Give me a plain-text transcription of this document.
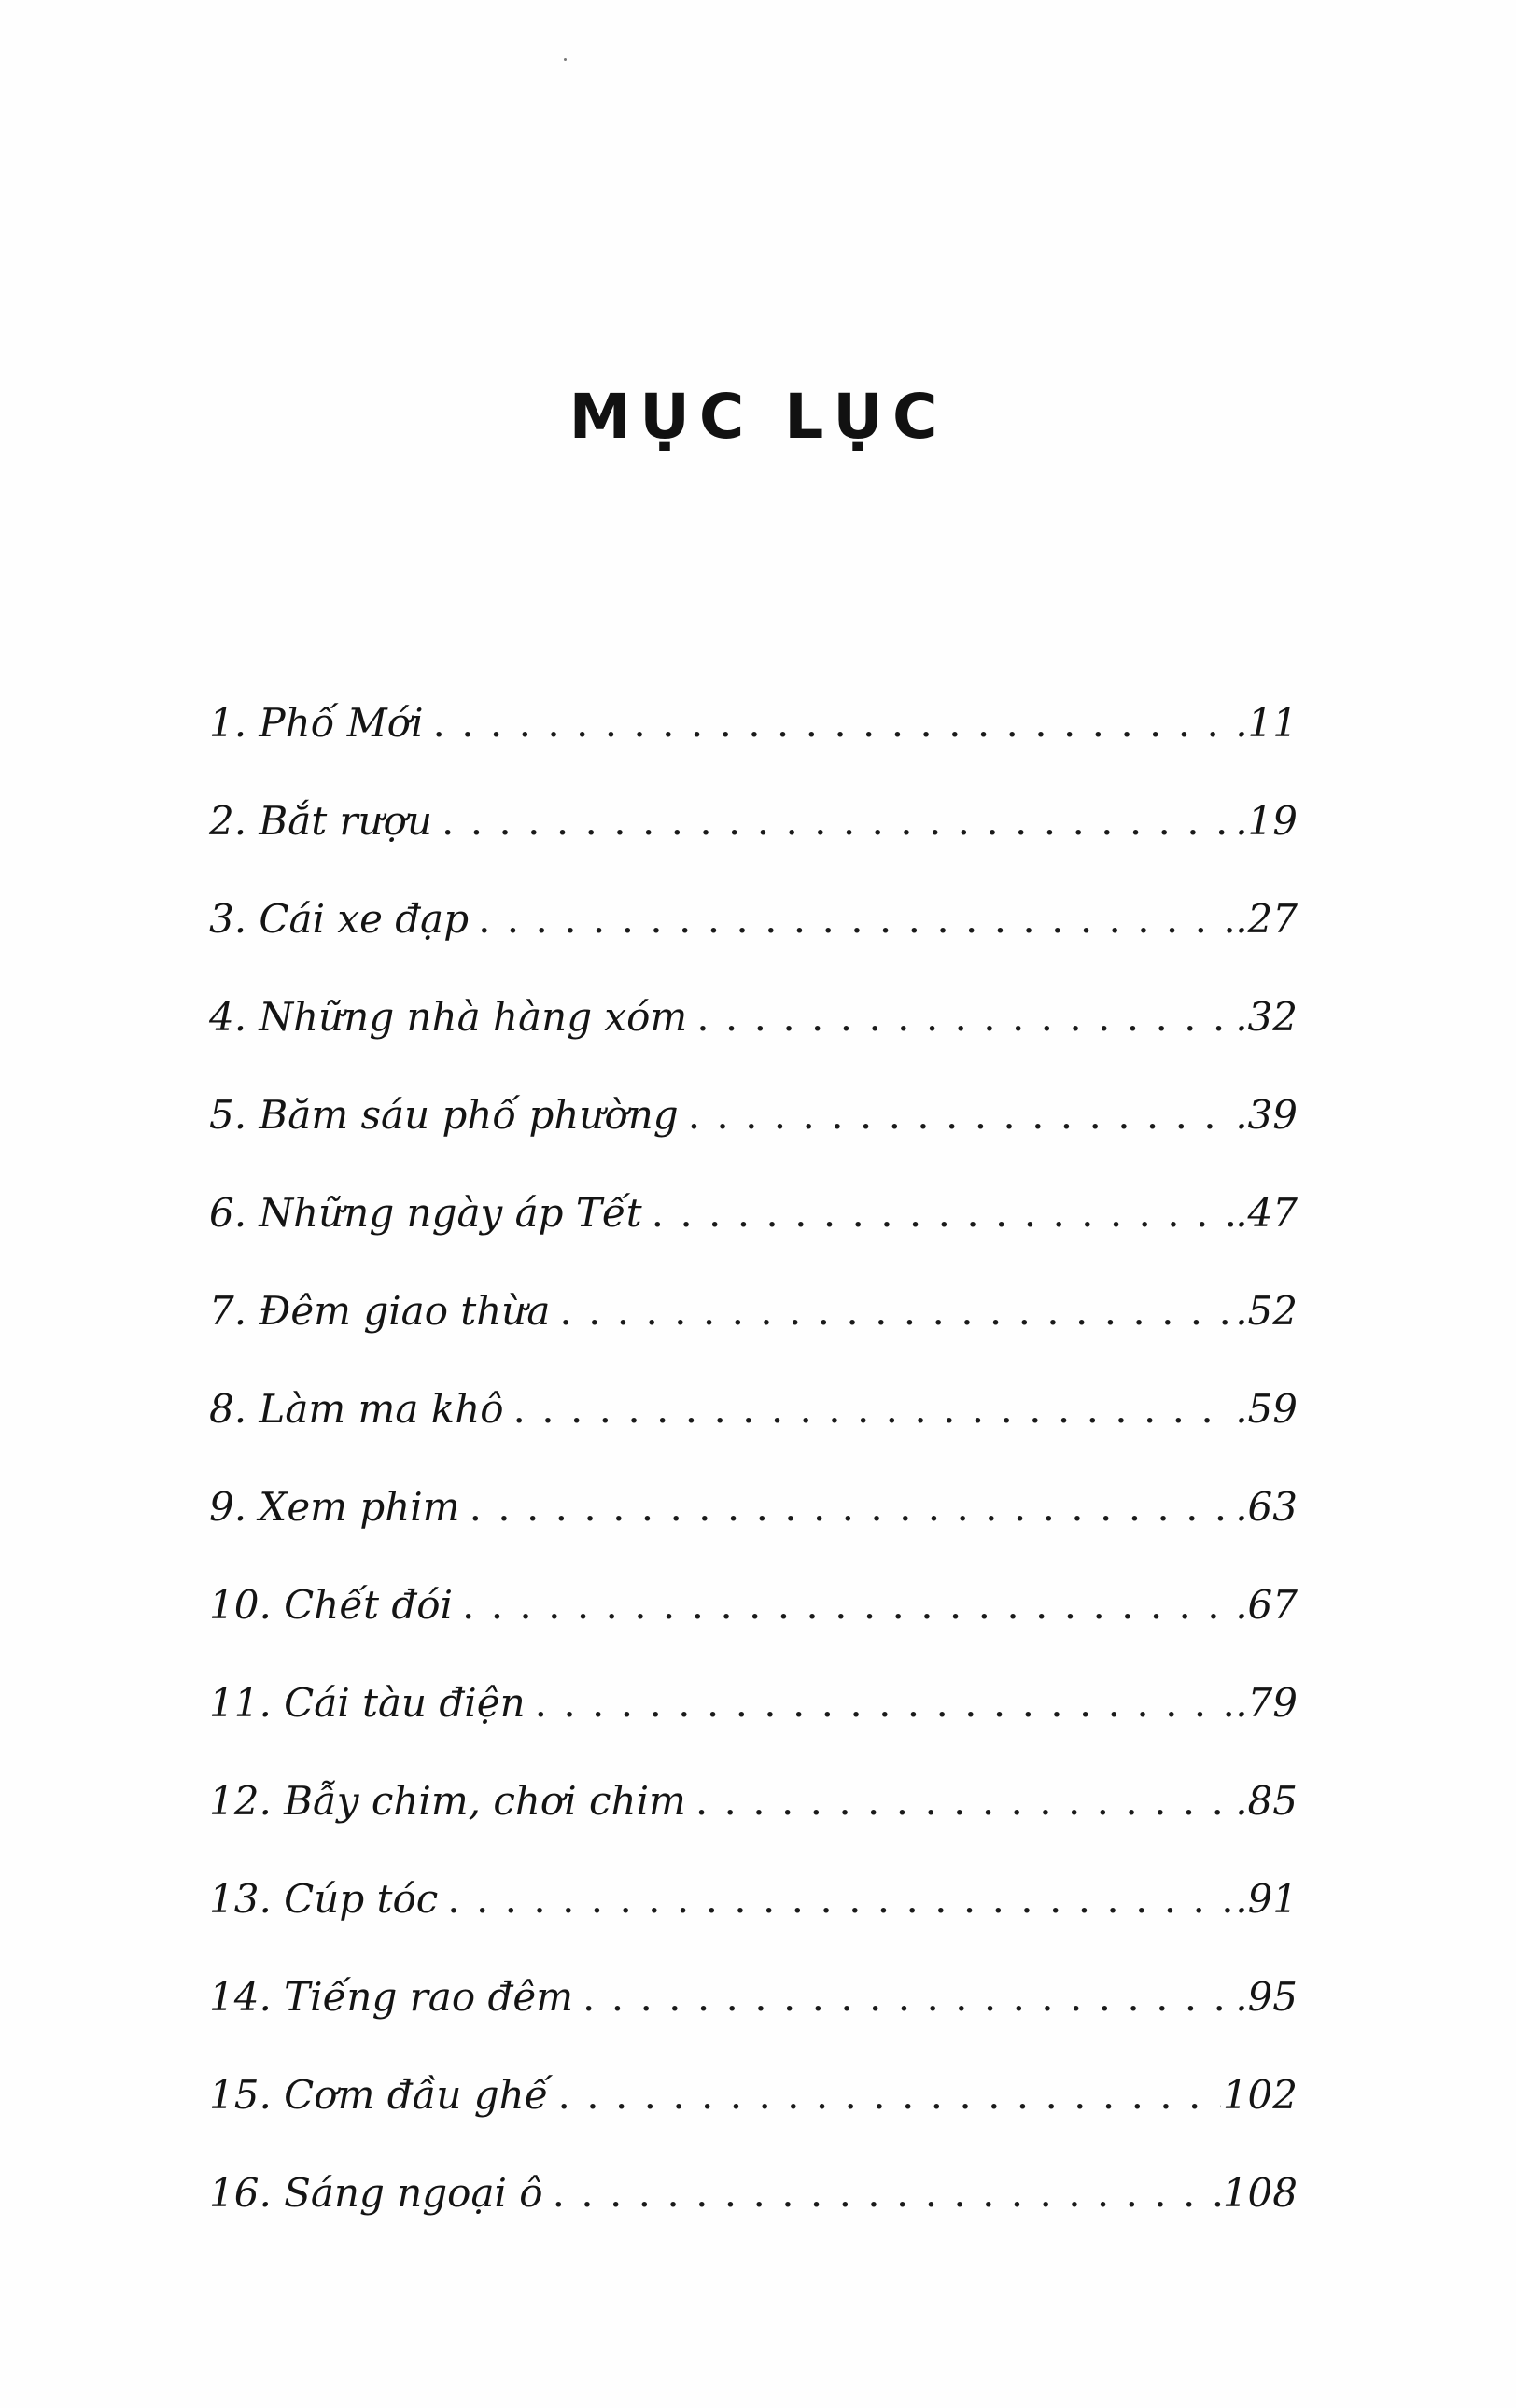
MỤC LỤC
1. Phố Mới . . .	.11
2. Bắt rượu . . .	.19
3. Cái xe đạp . . .	.27
4. Những nhà hàng xóm . . .	.32
5. Băm sáu phố phường . . .	.39
6. Những ngày áp Tết . . .	.47
7. Đêm giao thừa . . .	.52
8. Làm ma khô . . .	.59
9. Xem phim . . .	.63
10. Chết đói . . .	.67
11. Cái tàu điện . . .	.79
12. Bẫy chim, chơi chim . . .	.85
13. Cúp tóc . . .	.91
14. Tiếng rao đêm . . .	.95
15. Cơm đầu ghế . . .	102
16. Sáng ngoại ô . . .	108
